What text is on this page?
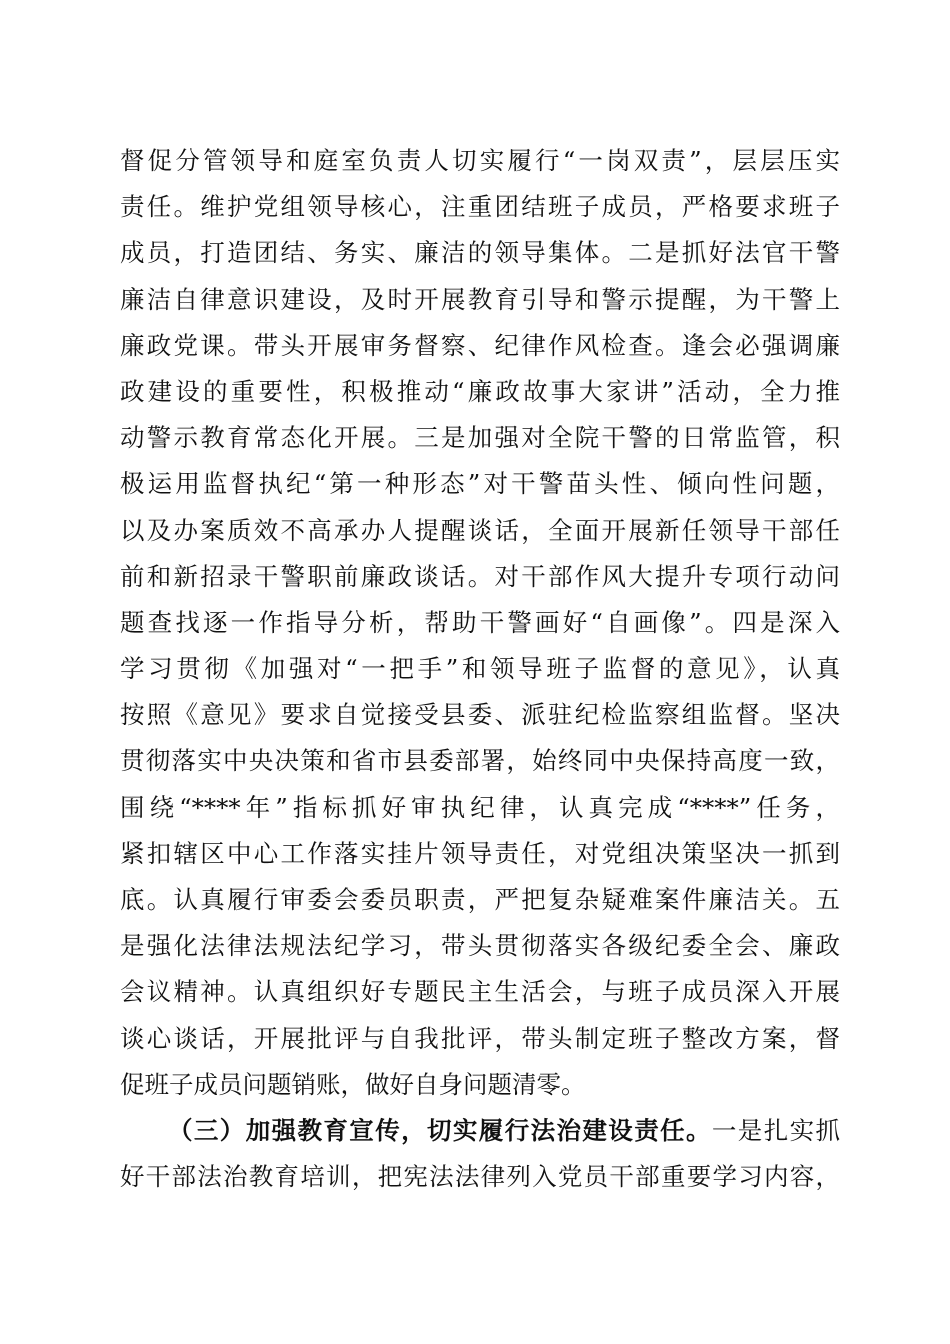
督促分管领导和庭室负责人切实履行“一岗双责”，层层压实
责任。维护党组领导核心，注重团结班子成员，严格要求班子
成员，打造团结、务实、廉洁的领导集体。二是抓好法官干警
廉洁自律意识建设，及时开展教育引导和警示提醒，为干警上
廉政党课。带头开展审务督察、纪律作风检查。逢会必强调廉
政建设的重要性，积极推动“廉政故事大家讲”活动，全力推
动警示教育常态化开展。三是加强对全院干警的日常监管，积
极运用监督执纪“第一种形态”对干警苗头性、倾向性问题，
以及办案质效不高承办人提醒谈话，全面开展新任领导干部任
前和新招录干警职前廉政谈话。对干部作风大提升专项行动问
题查找逐一作指导分析，帮助干警画好“自画像”。四是深入
学习贯彻《加强对“一把手”和领导班子监督的意见》，认真
按照《意见》要求自觉接受县委、派驻纪检监察组监督。坚决
贯彻落实中央决策和省市县委部署，始终同中央保持高度一致，
围绕“****年”指标抓好审执纪律，认真完成“****”任务，
紧扣辖区中心工作落实挂片领导责任，对党组决策坚决一抓到
底。认真履行审委会委员职责，严把复杂疑难案件廉洁关。五
是强化法律法规法纪学习，带头贯彻落实各级纪委全会、廉政
会议精神。认真组织好专题民主生活会，与班子成员深入开展
谈心谈话，开展批评与自我批评，带头制定班子整改方案，督
促班子成员问题销账，做好自身问题清零。
（三）加强教育宣传，切实履行法治建设责任。一是扎实抓
好干部法治教育培训，把宪法法律列入党员干部重要学习内容，
